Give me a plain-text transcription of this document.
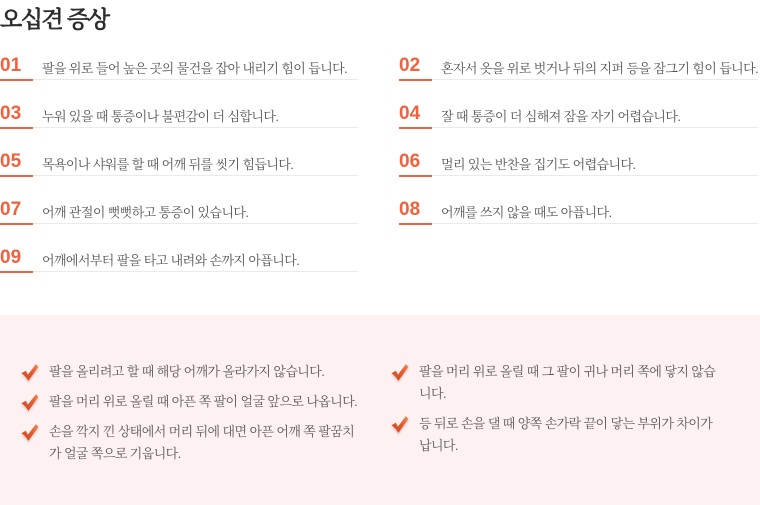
오십견 증상
01	팔을 위로 들어 높은 곳의 물건을 잡아 내리기 힘이 듭니다.
03	누워 있을 때 통증이나 불편감이 더 심합니다.
05	목욕이나 샤워를 할 때 어깨 뒤를 씻기 힘듭니다.
07	어깨 관절이 뻣뻣하고 통증이 있습니다.
09	어깨에서부터 팔을 타고 내려와 손까지 아픕니다.
02	혼자서 옷을 위로 벗거나 뒤의 지퍼 등을 잠그기 힘이 듭니다.
04	잘 때 통증이 더 심해져 잠을 자기 어렵습니다.
06	멀리 있는 반찬을 집기도 어렵습니다.
08	어깨를 쓰지 않을 때도 아픕니다.
팔을 올리려고 할 때 해당 어깨가 올라가지 않습니다.
팔을 머리 위로 올릴 때 아픈 쪽 팔이 얼굴 앞으로 나옵니다.
손을 깍지 낀 상태에서 머리 뒤에 대면 아픈 어깨 쪽 팔꿈치가 얼굴 쪽으로 기웁니다.
팔을 머리 위로 올릴 때 그 팔이 귀나 머리 쪽에 닿지 않습니다.
등 뒤로 손을 댈 때 양쪽 손가락 끝이 닿는 부위가 차이가 납니다.
